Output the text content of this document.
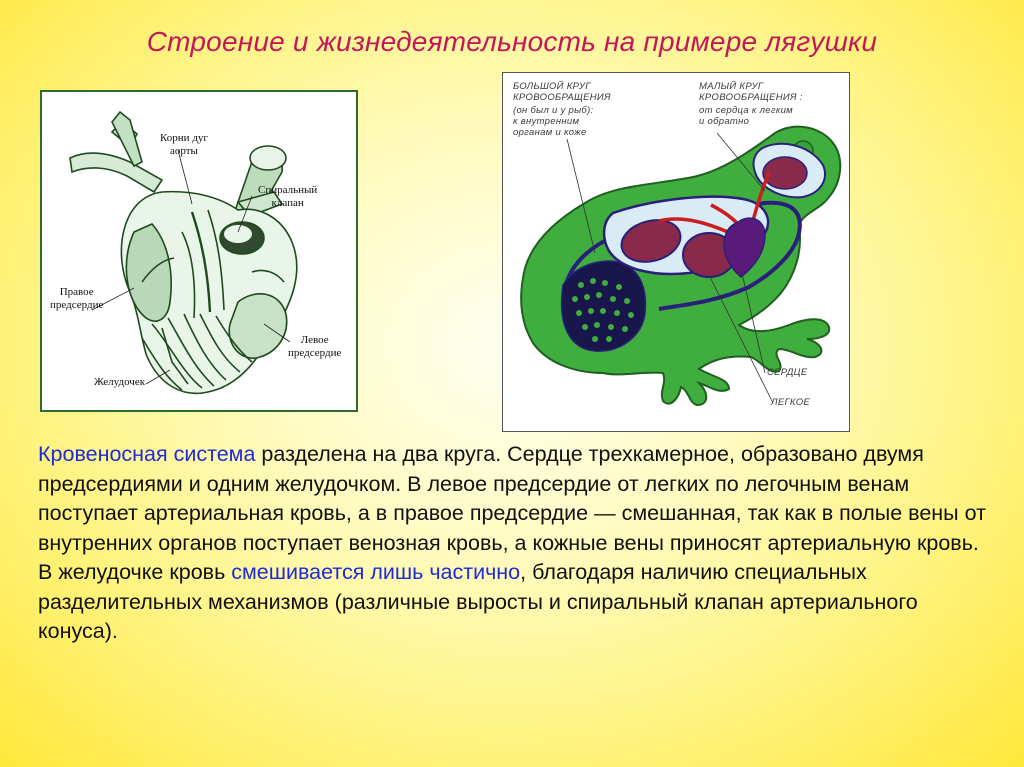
Строение и жизнедеятельность на примере лягушки
Корни дуг
аорты
Спиральный
клапан
Правое
предсердие
Левое
предсердие
Желудочек
БОЛЬШОЙ КРУГ
КРОВООБРАЩЕНИЯ
(он был и у рыб):
к внутренним
органам и коже
МАЛЫЙ КРУГ
КРОВООБРАЩЕНИЯ :
от сердца к легким
и обратно
СЕРДЦЕ
ЛЕГКОЕ

Кровеносная система разделена на два круга. Сердце трехкамерное, образовано двумя предсердиями и одним желудочком. В левое предсердие от легких по легочным венам поступает артериальная кровь, а в правое предсердие — смешанная, так как в полые вены от внутренних органов поступает венозная кровь, а кожные вены приносят артериальную кровь.

В желудочке кровь смешивается лишь частично, благодаря наличию специальных разделительных механизмов (различные выросты и спиральный клапан артериального конуса).
